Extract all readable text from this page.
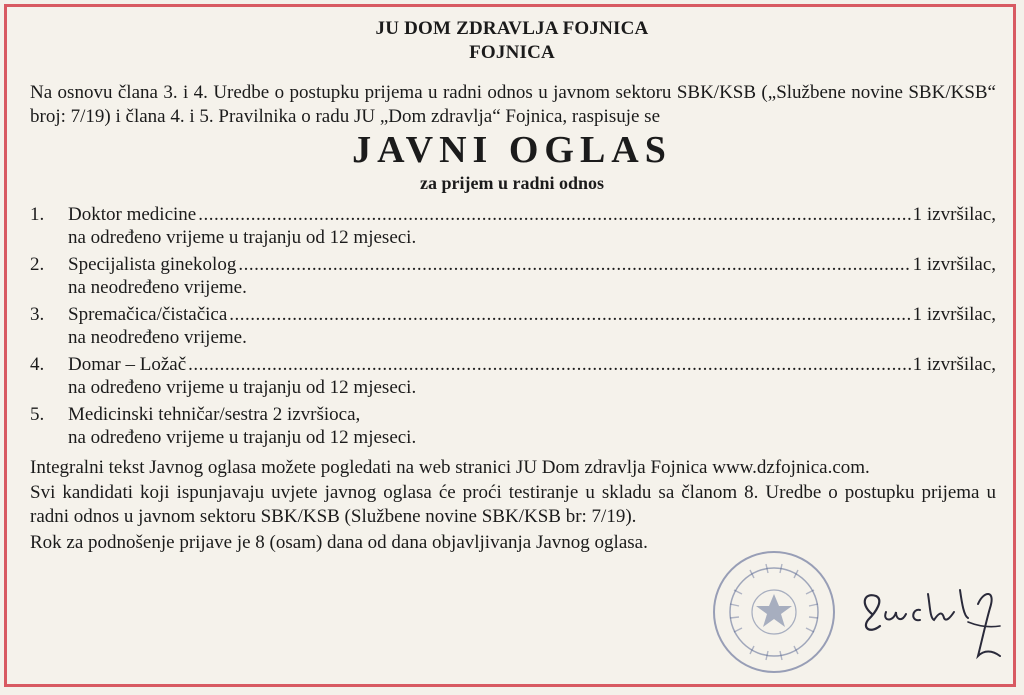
JU DOM ZDRAVLJA FOJNICA
FOJNICA
Na osnovu člana 3. i 4. Uredbe o postupku prijema u radni odnos u javnom sektoru SBK/KSB („Službene novine SBK/KSB“ broj: 7/19) i člana 4. i 5. Pravilnika o radu JU „Dom zdravlja“ Fojnica, raspisuje se
JAVNI OGLAS
za prijem u radni odnos
1. Doktor medicine .....	1 izvršilac,
na određeno vrijeme u trajanju od 12 mjeseci.
2. Specijalista ginekolog .....	1 izvršilac,
na neodređeno vrijeme.
3. Spremačica/čistačica .....	1 izvršilac,
na neodređeno vrijeme.
4. Domar – Ložač .....	1 izvršilac,
na određeno vrijeme u trajanju od 12 mjeseci.
5. Medicinski tehničar/sestra 2 izvršioca,
na određeno vrijeme u trajanju od 12 mjeseci.
Integralni tekst Javnog oglasa možete pogledati na web stranici JU Dom zdravlja Fojnica www.dzfojnica.com.
Svi kandidati koji ispunjavaju uvjete javnog oglasa će proći testiranje u skladu sa članom 8. Uredbe o postupku prijema u radni odnos u javnom sektoru SBK/KSB (Službene novine SBK/KSB br: 7/19).
Rok za podnošenje prijave je 8 (osam) dana od dana objavljivanja Javnog oglasa.
